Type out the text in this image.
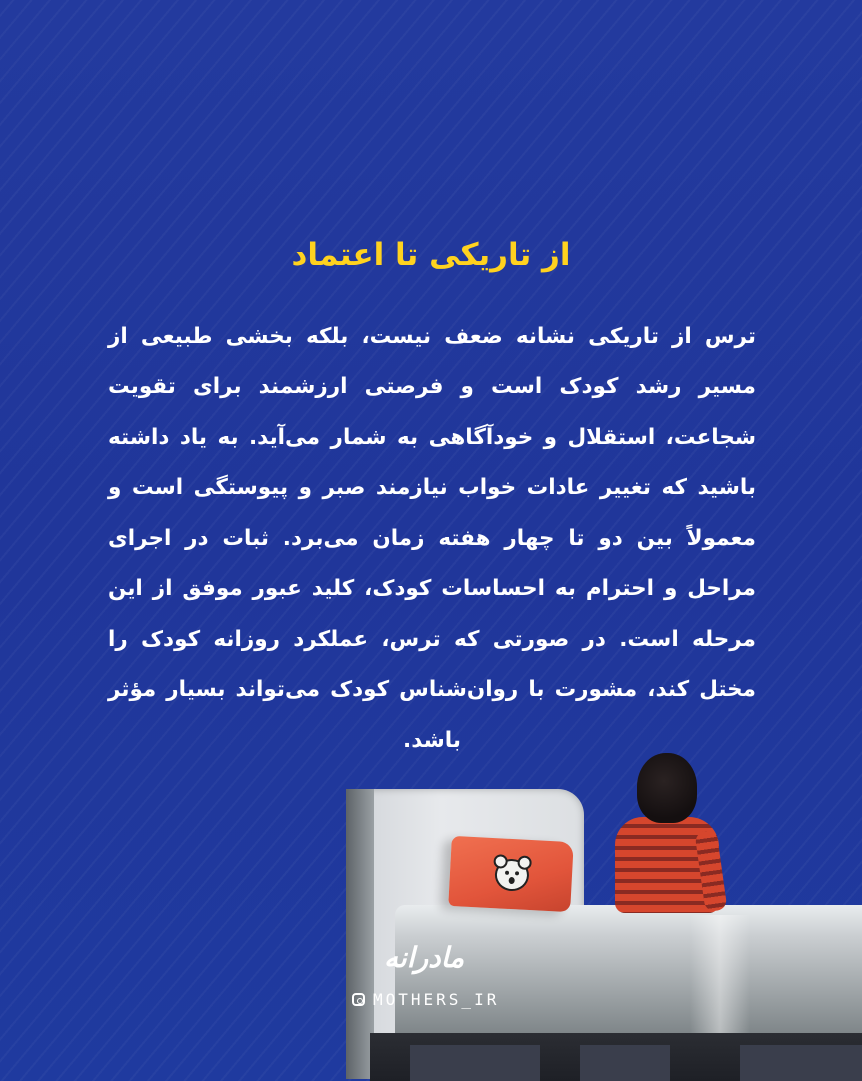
از تاریکی تا اعتماد

ترس از تاریکی نشانه ضعف نیست، بلکه بخشی طبیعی از مسیر رشد کودک است و فرصتی ارزشمند برای تقویت شجاعت، استقلال و خودآگاهی به شمار می‌آید. به یاد داشته باشید که تغییر عادات خواب نیازمند صبر و پیوستگی است و معمولاً بین دو تا چهار هفته زمان می‌برد. ثبات در اجرای مراحل و احترام به احساسات کودک، کلید عبور موفق از این مرحله است. در صورتی که ترس، عملکرد روزانه کودک را مختل کند، مشورت با روان‌شناس کودک می‌تواند بسیار مؤثر باشد.

مادرانه
MOTHERS_IR
